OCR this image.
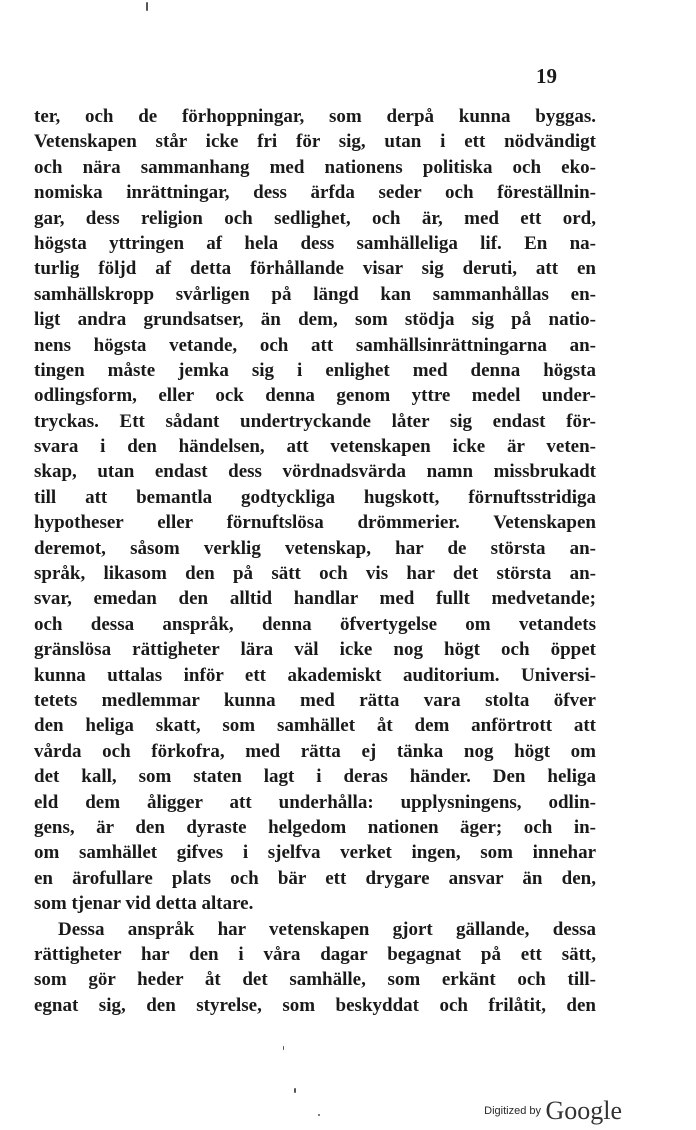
19
ter, och de förhoppningar, som derpå kunna byggas.
Vetenskapen står icke fri för sig, utan i ett nödvändigt
och nära sammanhang med nationens politiska och eko-
nomiska inrättningar, dess ärfda seder och föreställnin-
gar, dess religion och sedlighet, och är, med ett ord,
högsta yttringen af hela dess samhälleliga lif. En na-
turlig följd af detta förhållande visar sig deruti, att en
samhällskropp svårligen på längd kan sammanhållas en-
ligt andra grundsatser, än dem, som stödja sig på natio-
nens högsta vetande, och att samhällsinrättningarna an-
tingen måste jemka sig i enlighet med denna högsta
odlingsform, eller ock denna genom yttre medel under-
tryckas. Ett sådant undertryckande låter sig endast för-
svara i den händelsen, att vetenskapen icke är veten-
skap, utan endast dess vördnadsvärda namn missbrukadt
till att bemantla godtyckliga hugskott, förnuftsstridiga
hypotheser eller förnuftslösa drömmerier. Vetenskapen
deremot, såsom verklig vetenskap, har de största an-
språk, likasom den på sätt och vis har det största an-
svar, emedan den alltid handlar med fullt medvetande;
och dessa anspråk, denna öfvertygelse om vetandets
gränslösa rättigheter lära väl icke nog högt och öppet
kunna uttalas inför ett akademiskt auditorium. Universi-
tetets medlemmar kunna med rätta vara stolta öfver
den heliga skatt, som samhället åt dem anförtrott att
vårda och förkofra, med rätta ej tänka nog högt om
det kall, som staten lagt i deras händer. Den heliga
eld dem åligger att underhålla: upplysningens, odlin-
gens, är den dyraste helgedom nationen äger; och in-
om samhället gifves i sjelfva verket ingen, som innehar
en ärofullare plats och bär ett drygare ansvar än den,
som tjenar vid detta altare.
Dessa anspråk har vetenskapen gjort gällande, dessa
rättigheter har den i våra dagar begagnat på ett sätt,
som gör heder åt det samhälle, som erkänt och till-
egnat sig, den styrelse, som beskyddat och frilåtit, den
Digitized by Google
